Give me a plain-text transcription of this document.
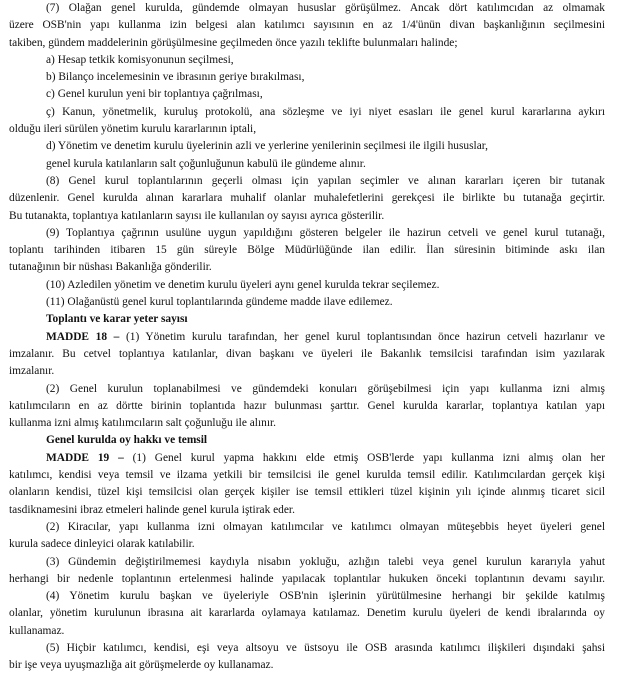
(7) Olağan genel kurulda, gündemde olmayan hususlar görüşülmez. Ancak dört katılımcıdan az olmamak
üzere OSB'nin yapı kullanma izin belgesi alan katılımcı sayısının en az 1/4'ünün divan başkanlığının seçilmesini
takiben, gündem maddelerinin görüşülmesine geçilmeden önce yazılı teklifte bulunmaları halinde;
a) Hesap tetkik komisyonunun seçilmesi,
b) Bilanço incelemesinin ve ibrasının geriye bırakılması,
c) Genel kurulun yeni bir toplantıya çağrılması,
ç) Kanun, yönetmelik, kuruluş protokolü, ana sözleşme ve iyi niyet esasları ile genel kurul kararlarına aykırı
olduğu ileri sürülen yönetim kurulu kararlarının iptali,
d) Yönetim ve denetim kurulu üyelerinin azli ve yerlerine yenilerinin seçilmesi ile ilgili hususlar,
genel kurula katılanların salt çoğunluğunun kabulü ile gündeme alınır.
(8) Genel kurul toplantılarının geçerli olması için yapılan seçimler ve alınan kararları içeren bir tutanak
düzenlenir. Genel kurulda alınan kararlara muhalif olanlar muhalefetlerini gerekçesi ile birlikte bu tutanağa geçirtir.
Bu tutanakta, toplantıya katılanların sayısı ile kullanılan oy sayısı ayrıca gösterilir.
(9) Toplantıya çağrının usulüne uygun yapıldığını gösteren belgeler ile hazirun cetveli ve genel kurul tutanağı,
toplantı tarihinden itibaren 15 gün süreyle Bölge Müdürlüğünde ilan edilir. İlan süresinin bitiminde askı ilan
tutanağının bir nüshası Bakanlığa gönderilir.
(10) Azledilen yönetim ve denetim kurulu üyeleri aynı genel kurulda tekrar seçilemez.
(11) Olağanüstü genel kurul toplantılarında gündeme madde ilave edilemez.
Toplantı ve karar yeter sayısı
MADDE 18 – (1) Yönetim kurulu tarafından, her genel kurul toplantısından önce hazirun cetveli hazırlanır ve
imzalanır. Bu cetvel toplantıya katılanlar, divan başkanı ve üyeleri ile Bakanlık temsilcisi tarafından isim yazılarak
imzalanır.
(2) Genel kurulun toplanabilmesi ve gündemdeki konuları görüşebilmesi için yapı kullanma izni almış
katılımcıların en az dörtte birinin toplantıda hazır bulunması şarttır. Genel kurulda kararlar, toplantıya katılan yapı
kullanma izni almış katılımcıların salt çoğunluğu ile alınır.
Genel kurulda oy hakkı ve temsil
MADDE 19 – (1) Genel kurul yapma hakkını elde etmiş OSB'lerde yapı kullanma izni almış olan her
katılımcı, kendisi veya temsil ve ilzama yetkili bir temsilcisi ile genel kurulda temsil edilir. Katılımcılardan gerçek kişi
olanların kendisi, tüzel kişi temsilcisi olan gerçek kişiler ise temsil ettikleri tüzel kişinin yılı içinde alınmış ticaret sicil
tasdiknamesini ibraz etmeleri halinde genel kurula iştirak eder.
(2) Kiracılar, yapı kullanma izni olmayan katılımcılar ve katılımcı olmayan müteşebbis heyet üyeleri genel
kurula sadece dinleyici olarak katılabilir.
(3) Gündemin değiştirilmemesi kaydıyla nisabın yokluğu, azlığın talebi veya genel kurulun kararıyla yahut
herhangi bir nedenle toplantının ertelenmesi halinde yapılacak toplantılar hukuken önceki toplantının devamı sayılır.
(4) Yönetim kurulu başkan ve üyeleriyle OSB'nin işlerinin yürütülmesine herhangi bir şekilde katılmış
olanlar, yönetim kurulunun ibrasına ait kararlarda oylamaya katılamaz. Denetim kurulu üyeleri de kendi ibralarında oy
kullanamaz.
(5) Hiçbir katılımcı, kendisi, eşi veya altsoyu ve üstsoyu ile OSB arasında katılımcı ilişkileri dışındaki şahsi
bir işe veya uyuşmazlığa ait görüşmelerde oy kullanamaz.
